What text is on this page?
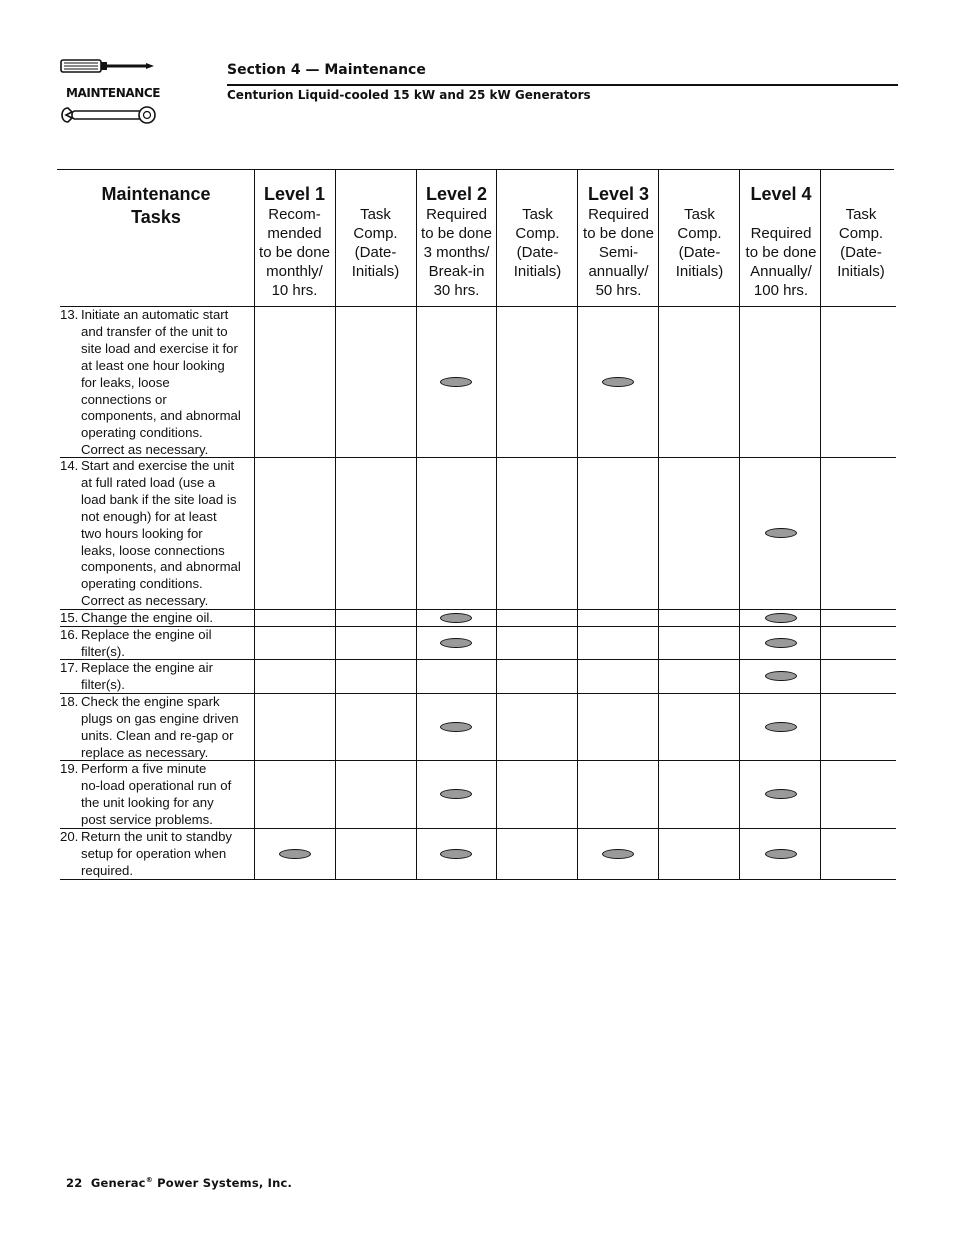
MAINTENANCE
Section 4 — Maintenance
Centurion Liquid-cooled 15 kW and 25 kW Generators
Maintenance
Tasks
Level 1
Recom-
mended
to be done
monthly/
10 hrs.
Task
Comp.
(Date-
Initials)
Level 2
Required
to be done
3 months/
Break-in
30 hrs.
Task
Comp.
(Date-
Initials)
Level 3
Required
to be done
Semi-
annually/
50 hrs.
Task
Comp.
(Date-
Initials)
Level 4

Required
to be done
Annually/
100 hrs.
Task
Comp.
(Date-
Initials)
13. Initiate an automatic start
and transfer of the unit to
site load and exercise it for
at least one hour looking
for leaks, loose
connections or
components, and abnormal
operating conditions.
Correct as necessary.
14. Start and exercise the unit
at full rated load (use a
load bank if the site load is
not enough) for at least
two hours looking for
leaks, loose connections
components, and abnormal
operating conditions.
Correct as necessary.
15. Change the engine oil.
16. Replace the engine oil
filter(s).
17. Replace the engine air
filter(s).
18. Check the engine spark
plugs on gas engine driven
units. Clean and re-gap or
replace as necessary.
19. Perform a five minute
no-load operational run of
the unit looking for any
post service problems.
20. Return the unit to standby
setup for operation when
required.
22 Generac® Power Systems, Inc.
